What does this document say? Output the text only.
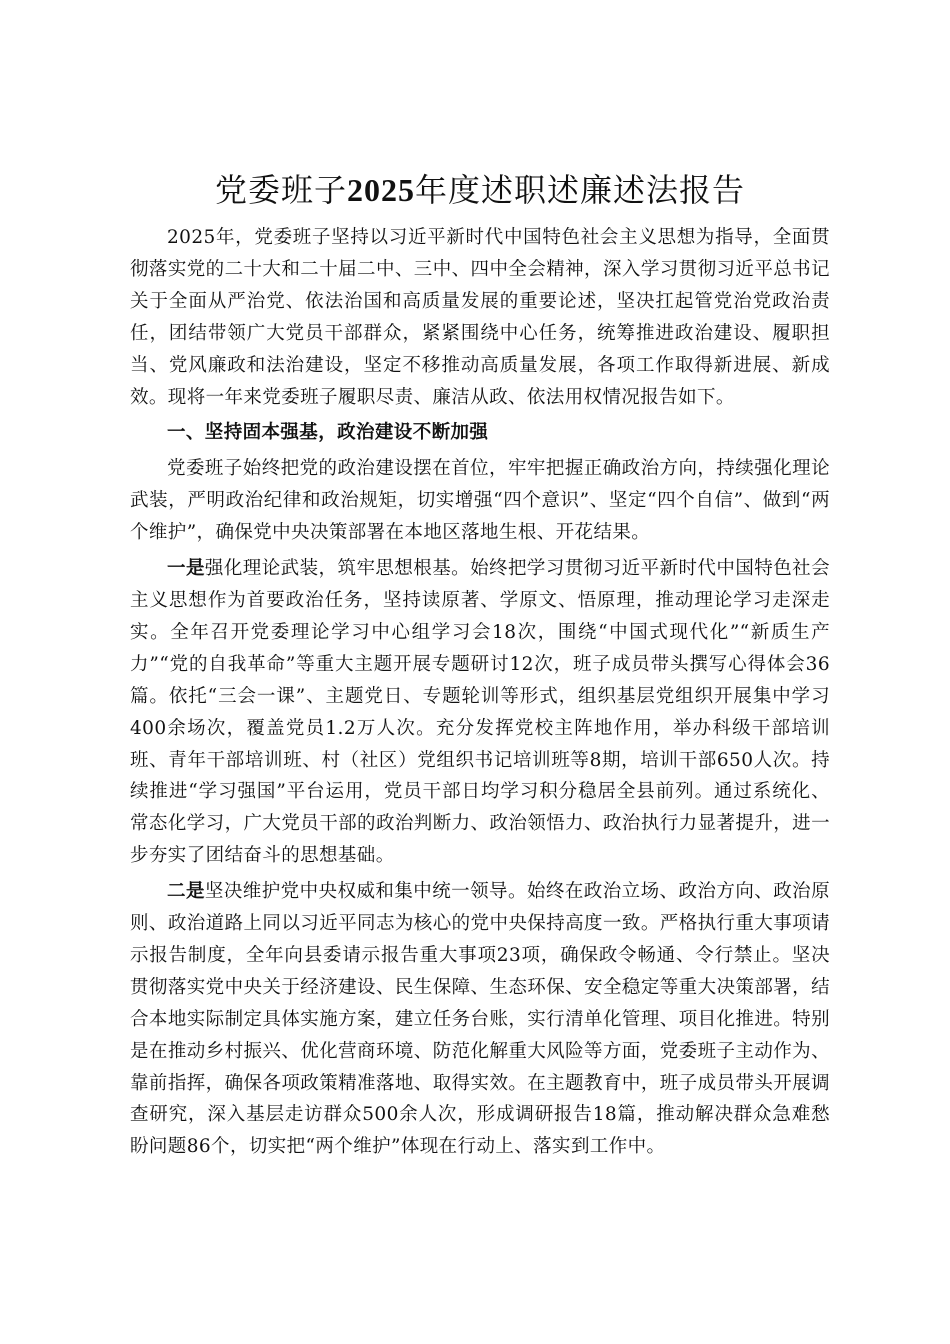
党委班子2025年度述职述廉述法报告

2025年，党委班子坚持以习近平新时代中国特色社会主义思想为指导，全面贯彻落实党的二十大和二十届二中、三中、四中全会精神，深入学习贯彻习近平总书记关于全面从严治党、依法治国和高质量发展的重要论述，坚决扛起管党治党政治责任，团结带领广大党员干部群众，紧紧围绕中心任务，统筹推进政治建设、履职担当、党风廉政和法治建设，坚定不移推动高质量发展，各项工作取得新进展、新成效。现将一年来党委班子履职尽责、廉洁从政、依法用权情况报告如下。

一、坚持固本强基，政治建设不断加强

党委班子始终把党的政治建设摆在首位，牢牢把握正确政治方向，持续强化理论武装，严明政治纪律和政治规矩，切实增强“四个意识”、坚定“四个自信”、做到“两个维护”，确保党中央决策部署在本地区落地生根、开花结果。

一是强化理论武装，筑牢思想根基。始终把学习贯彻习近平新时代中国特色社会主义思想作为首要政治任务，坚持读原著、学原文、悟原理，推动理论学习走深走实。全年召开党委理论学习中心组学习会18次，围绕“中国式现代化”“新质生产力”“党的自我革命”等重大主题开展专题研讨12次，班子成员带头撰写心得体会36篇。依托“三会一课”、主题党日、专题轮训等形式，组织基层党组织开展集中学习400余场次，覆盖党员1.2万人次。充分发挥党校主阵地作用，举办科级干部培训班、青年干部培训班、村（社区）党组织书记培训班等8期，培训干部650人次。持续推进“学习强国”平台运用，党员干部日均学习积分稳居全县前列。通过系统化、常态化学习，广大党员干部的政治判断力、政治领悟力、政治执行力显著提升，进一步夯实了团结奋斗的思想基础。

二是坚决维护党中央权威和集中统一领导。始终在政治立场、政治方向、政治原则、政治道路上同以习近平同志为核心的党中央保持高度一致。严格执行重大事项请示报告制度，全年向县委请示报告重大事项23项，确保政令畅通、令行禁止。坚决贯彻落实党中央关于经济建设、民生保障、生态环保、安全稳定等重大决策部署，结合本地实际制定具体实施方案，建立任务台账，实行清单化管理、项目化推进。特别是在推动乡村振兴、优化营商环境、防范化解重大风险等方面，党委班子主动作为、靠前指挥，确保各项政策精准落地、取得实效。在主题教育中，班子成员带头开展调查研究，深入基层走访群众500余人次，形成调研报告18篇，推动解决群众急难愁盼问题86个，切实把“两个维护”体现在行动上、落实到工作中。
